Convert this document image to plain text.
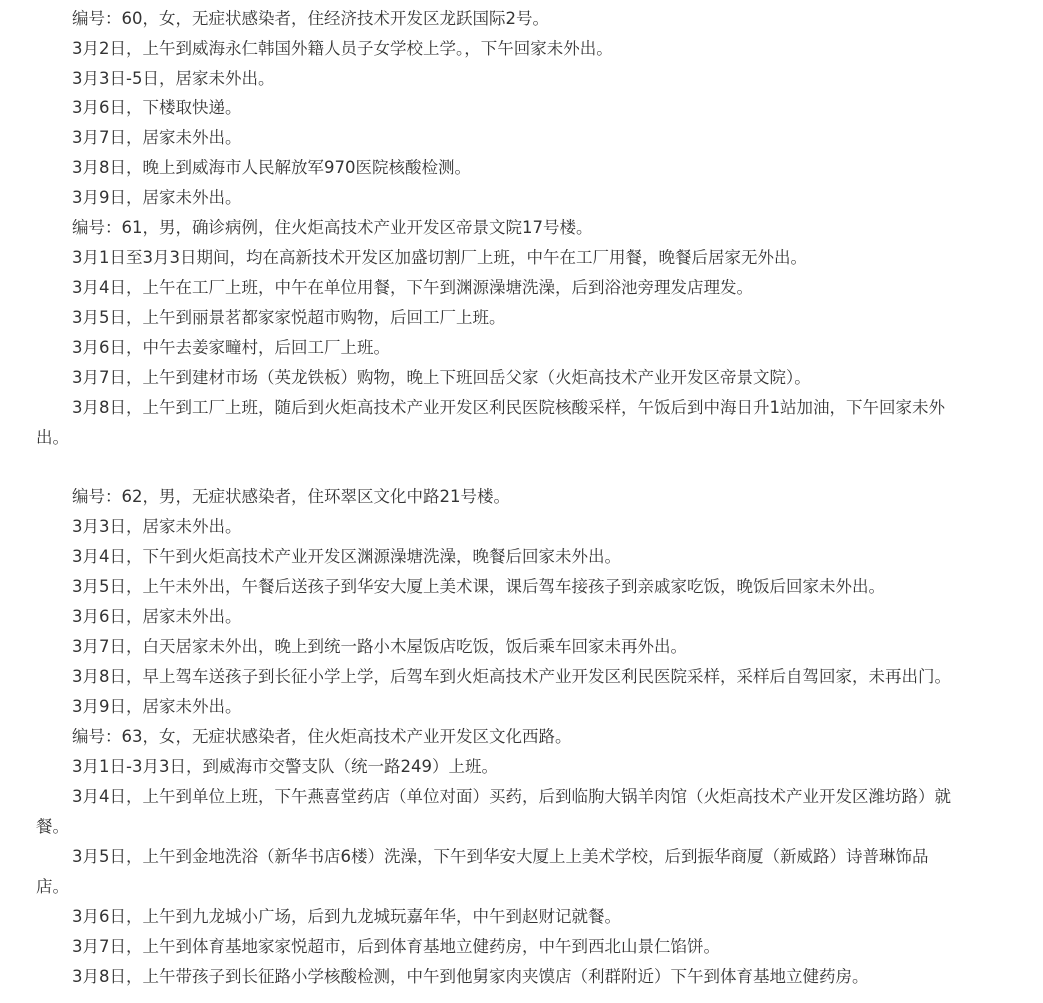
编号：60，女，无症状感染者，住经济技术开发区龙跃国际2号。
3月2日，上午到威海永仁韩国外籍人员子女学校上学。，下午回家未外出。
3月3日-5日，居家未外出。
3月6日，下楼取快递。
3月7日，居家未外出。
3月8日，晚上到威海市人民解放军970医院核酸检测。
3月9日，居家未外出。
编号：61，男，确诊病例，住火炬高技术产业开发区帝景文院17号楼。
3月1日至3月3日期间，均在高新技术开发区加盛切割厂上班，中午在工厂用餐，晚餐后居家无外出。
3月4日，上午在工厂上班，中午在单位用餐，下午到渊源澡塘洗澡，后到浴池旁理发店理发。
3月5日，上午到丽景茗都家家悦超市购物，后回工厂上班。
3月6日，中午去姜家疃村，后回工厂上班。
3月7日，上午到建材市场（英龙铁板）购物，晚上下班回岳父家（火炬高技术产业开发区帝景文院）。
3月8日，上午到工厂上班，随后到火炬高技术产业开发区利民医院核酸采样，午饭后到中海日升1站加油，下午回家未外
出。
编号：62，男，无症状感染者，住环翠区文化中路21号楼。
3月3日，居家未外出。
3月4日，下午到火炬高技术产业开发区渊源澡塘洗澡，晚餐后回家未外出。
3月5日，上午未外出，午餐后送孩子到华安大厦上美术课，课后驾车接孩子到亲戚家吃饭，晚饭后回家未外出。
3月6日，居家未外出。
3月7日，白天居家未外出，晚上到统一路小木屋饭店吃饭，饭后乘车回家未再外出。
3月8日，早上驾车送孩子到长征小学上学，后驾车到火炬高技术产业开发区利民医院采样，采样后自驾回家，未再出门。
3月9日，居家未外出。
编号：63，女，无症状感染者，住火炬高技术产业开发区文化西路。
3月1日-3月3日，到威海市交警支队（统一路249）上班。
3月4日，上午到单位上班，下午燕喜堂药店（单位对面）买药，后到临朐大锅羊肉馆（火炬高技术产业开发区潍坊路）就
餐。
3月5日，上午到金地洗浴（新华书店6楼）洗澡，下午到华安大厦上上美术学校，后到振华商厦（新威路）诗普琳饰品
店。
3月6日，上午到九龙城小广场，后到九龙城玩嘉年华，中午到赵财记就餐。
3月7日，上午到体育基地家家悦超市，后到体育基地立健药房，中午到西北山景仁馅饼。
3月8日，上午带孩子到长征路小学核酸检测，中午到他舅家肉夹馍店（利群附近）下午到体育基地立健药房。
